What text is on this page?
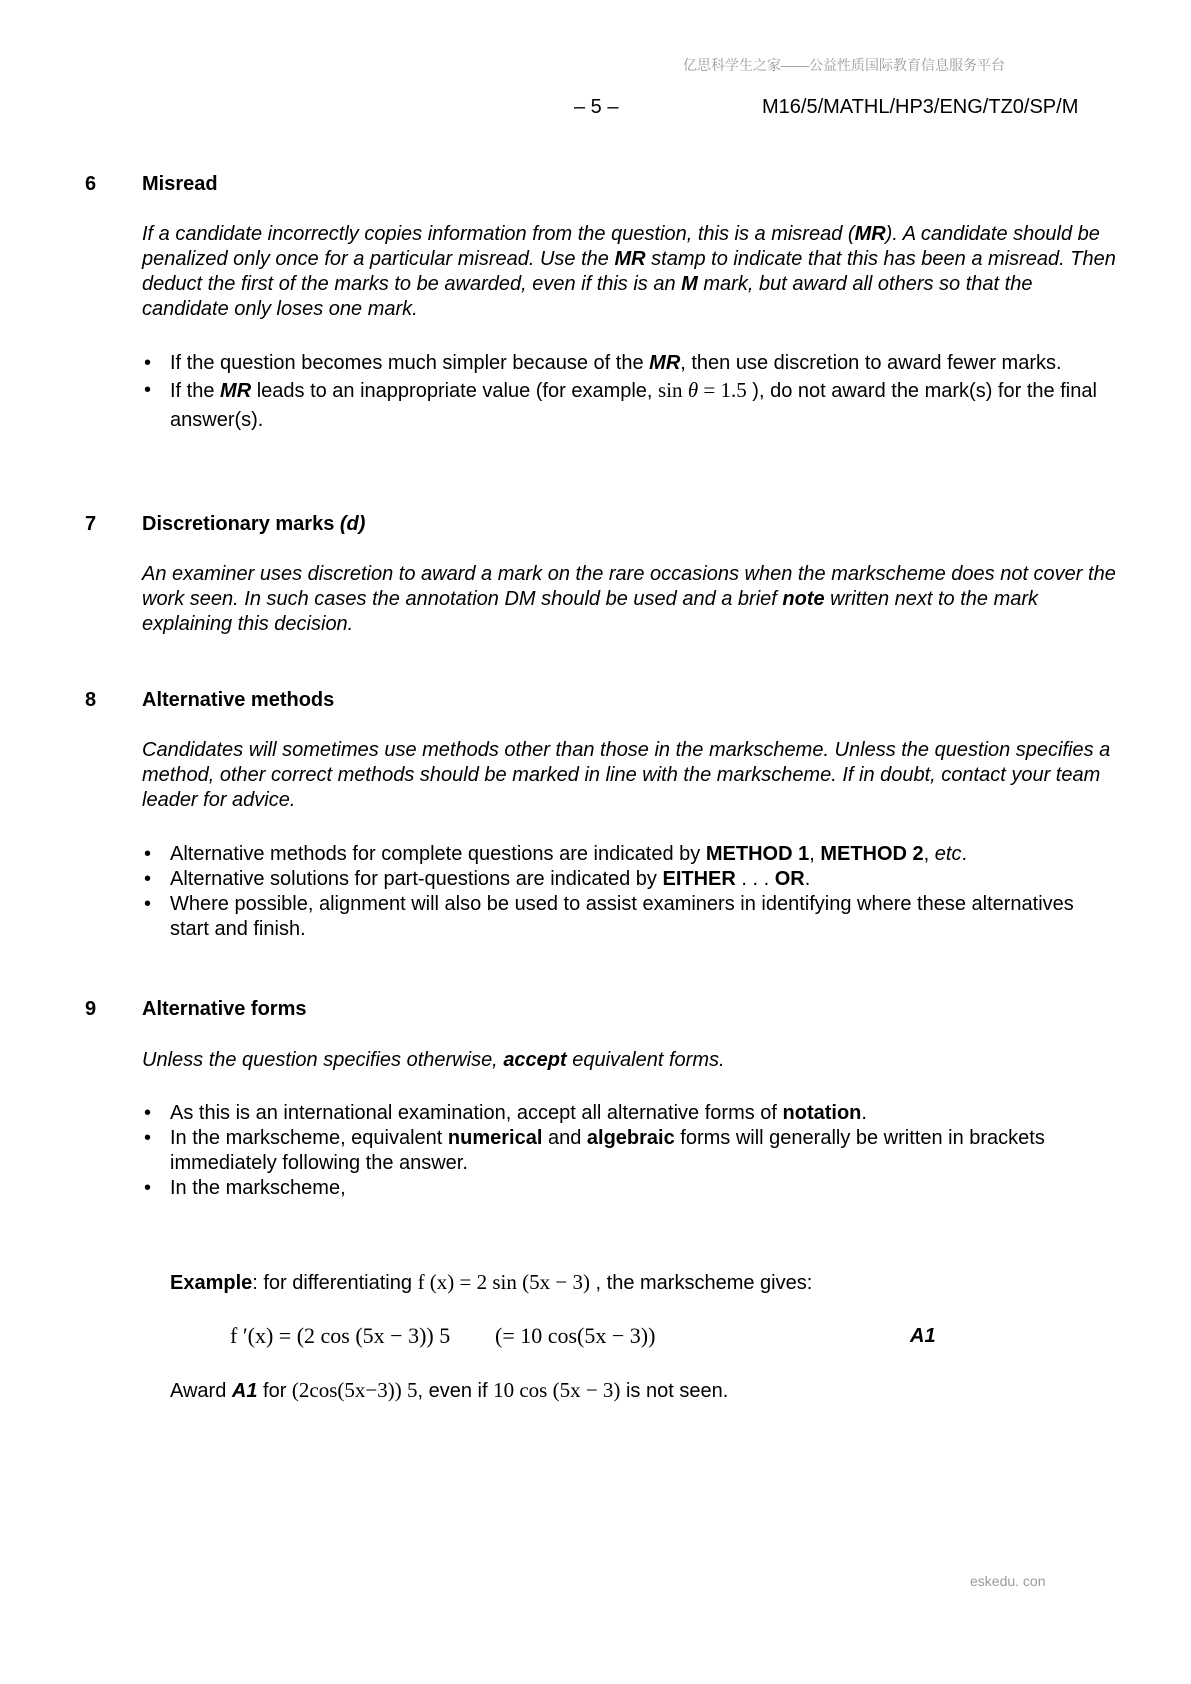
亿思科学生之家——公益性质国际教育信息服务平台
– 5 –	M16/5/MATHL/HP3/ENG/TZ0/SP/M
6 Misread
If a candidate incorrectly copies information from the question, this is a misread (MR). A candidate should be penalized only once for a particular misread. Use the MR stamp to indicate that this has been a misread. Then deduct the first of the marks to be awarded, even if this is an M mark, but award all others so that the candidate only loses one mark.
• If the question becomes much simpler because of the MR, then use discretion to award fewer marks.
• If the MR leads to an inappropriate value (for example, sin θ = 1.5 ), do not award the mark(s) for the final answer(s).
7 Discretionary marks (d)
An examiner uses discretion to award a mark on the rare occasions when the markscheme does not cover the work seen. In such cases the annotation DM should be used and a brief note written next to the mark explaining this decision.
8 Alternative methods
Candidates will sometimes use methods other than those in the markscheme. Unless the question specifies a method, other correct methods should be marked in line with the markscheme. If in doubt, contact your team leader for advice.
• Alternative methods for complete questions are indicated by METHOD 1, METHOD 2, etc.
• Alternative solutions for part-questions are indicated by EITHER . . . OR.
• Where possible, alignment will also be used to assist examiners in identifying where these alternatives start and finish.
9 Alternative forms
Unless the question specifies otherwise, accept equivalent forms.
• As this is an international examination, accept all alternative forms of notation.
• In the markscheme, equivalent numerical and algebraic forms will generally be written in brackets immediately following the answer.
• In the markscheme,
Example: for differentiating f (x) = 2 sin (5x − 3) , the markscheme gives:
f ′(x) = (2 cos (5x − 3)) 5 (= 10 cos(5x − 3))	A1
Award A1 for (2cos(5x−3)) 5, even if 10 cos (5x − 3) is not seen.
eskedu. con
